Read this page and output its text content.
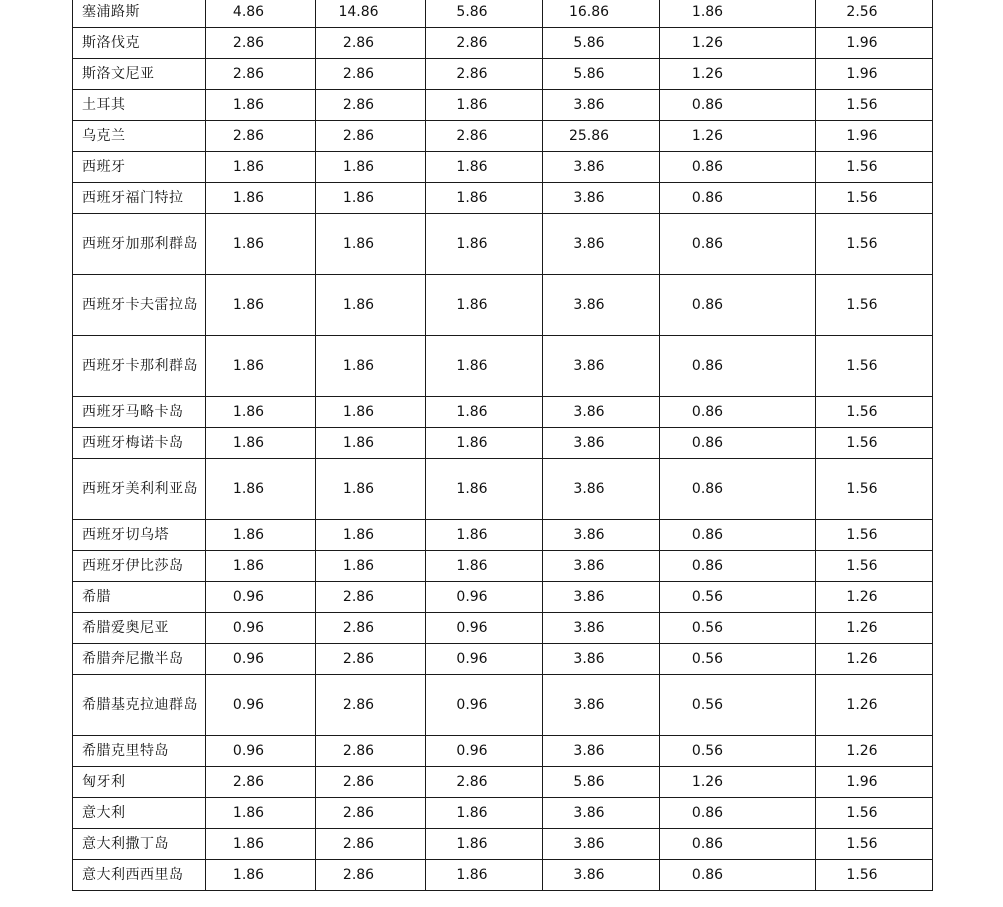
塞浦路斯	4.86	14.86	5.86	16.86	1.86	2.56
斯洛伐克	2.86	2.86	2.86	5.86	1.26	1.96
斯洛文尼亚	2.86	2.86	2.86	5.86	1.26	1.96
土耳其	1.86	2.86	1.86	3.86	0.86	1.56
乌克兰	2.86	2.86	2.86	25.86	1.26	1.96
西班牙	1.86	1.86	1.86	3.86	0.86	1.56
西班牙福门特拉	1.86	1.86	1.86	3.86	0.86	1.56
西班牙加那利群岛	1.86	1.86	1.86	3.86	0.86	1.56
西班牙卡夫雷拉岛	1.86	1.86	1.86	3.86	0.86	1.56
西班牙卡那利群岛	1.86	1.86	1.86	3.86	0.86	1.56
西班牙马略卡岛	1.86	1.86	1.86	3.86	0.86	1.56
西班牙梅诺卡岛	1.86	1.86	1.86	3.86	0.86	1.56
西班牙美利利亚岛	1.86	1.86	1.86	3.86	0.86	1.56
西班牙切乌塔	1.86	1.86	1.86	3.86	0.86	1.56
西班牙伊比莎岛	1.86	1.86	1.86	3.86	0.86	1.56
希腊	0.96	2.86	0.96	3.86	0.56	1.26
希腊爱奥尼亚	0.96	2.86	0.96	3.86	0.56	1.26
希腊奔尼撒半岛	0.96	2.86	0.96	3.86	0.56	1.26
希腊基克拉迪群岛	0.96	2.86	0.96	3.86	0.56	1.26
希腊克里特岛	0.96	2.86	0.96	3.86	0.56	1.26
匈牙利	2.86	2.86	2.86	5.86	1.26	1.96
意大利	1.86	2.86	1.86	3.86	0.86	1.56
意大利撒丁岛	1.86	2.86	1.86	3.86	0.86	1.56
意大利西西里岛	1.86	2.86	1.86	3.86	0.86	1.56
